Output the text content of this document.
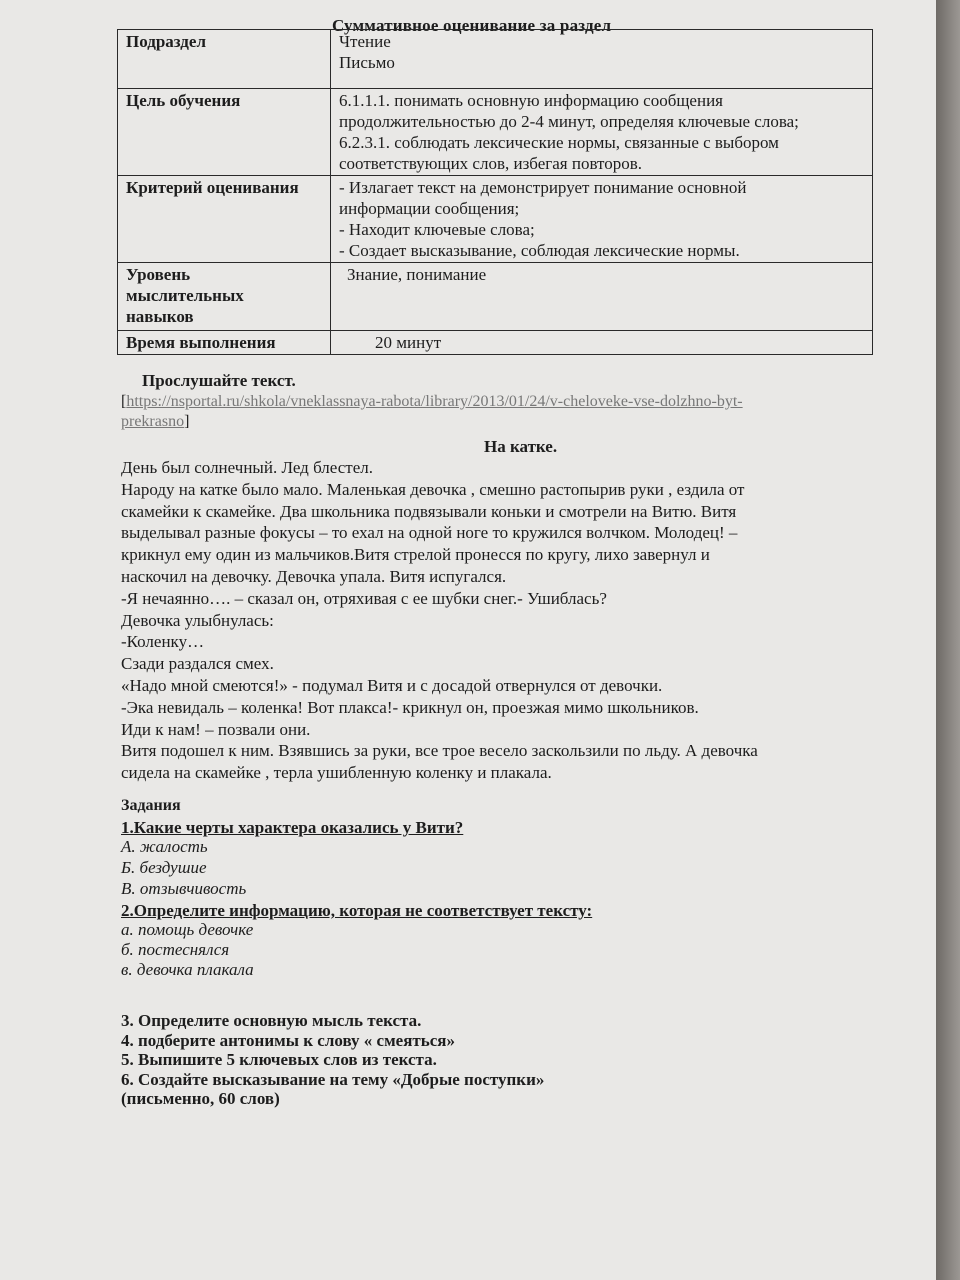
Суммативное оценивание за раздел
Подраздел	Чтение
Письмо

Цель обучения	6.1.1.1. понимать основную информацию сообщения
продолжительностью до 2-4 минут, определяя ключевые слова;
6.2.3.1. соблюдать лексические нормы, связанные с выбором
соответствующих слов, избегая повторов.

Критерий оценивания	- Излагает текст на демонстрирует понимание основной
информации сообщения;
- Находит ключевые слова;
- Создает высказывание, соблюдая лексические нормы.

Уровень
мыслительных
навыков	Знание, понимание
Время выполнения	20 минут
Прослушайте текст.
[https://nsportal.ru/shkola/vneklassnaya-rabota/library/2013/01/24/v-cheloveke-vse-dolzhno-byt-
prekrasno]
На катке.
День был солнечный. Лед блестел.
Народу на катке было мало. Маленькая девочка , смешно растопырив руки , ездила от
скамейки к скамейке. Два школьника подвязывали коньки и смотрели на Витю. Витя
выделывал разные фокусы – то ехал на одной ноге то кружился волчком. Молодец! –
крикнул ему один из мальчиков.Витя стрелой пронесся по кругу, лихо завернул и
наскочил на девочку. Девочка упала. Витя испугался.
-Я нечаянно…. – сказал он, отряхивая с ее шубки снег.- Ушиблась?
Девочка улыбнулась:
-Коленку…
Сзади раздался смех.
«Надо мной смеются!» - подумал Витя и с досадой отвернулся от девочки.
-Эка невидаль – коленка! Вот плакса!- крикнул он, проезжая мимо школьников.
Иди к нам! – позвали они.
Витя подошел к ним. Взявшись за руки, все трое весело заскользили по льду. А девочка
сидела на скамейке , терла ушибленную коленку и плакала.
Задания
1.Какие черты характера оказались у Вити?
А. жалость
Б. бездушие
В. отзывчивость
2.Определите информацию, которая не соответствует тексту:
а. помощь девочке
б. постеснялся
в. девочка плакала
3. Определите основную мысль текста.
4. подберите антонимы к слову « смеяться»
5. Выпишите 5 ключевых слов из текста.
6. Создайте высказывание на тему «Добрые поступки»
(письменно, 60 слов)
